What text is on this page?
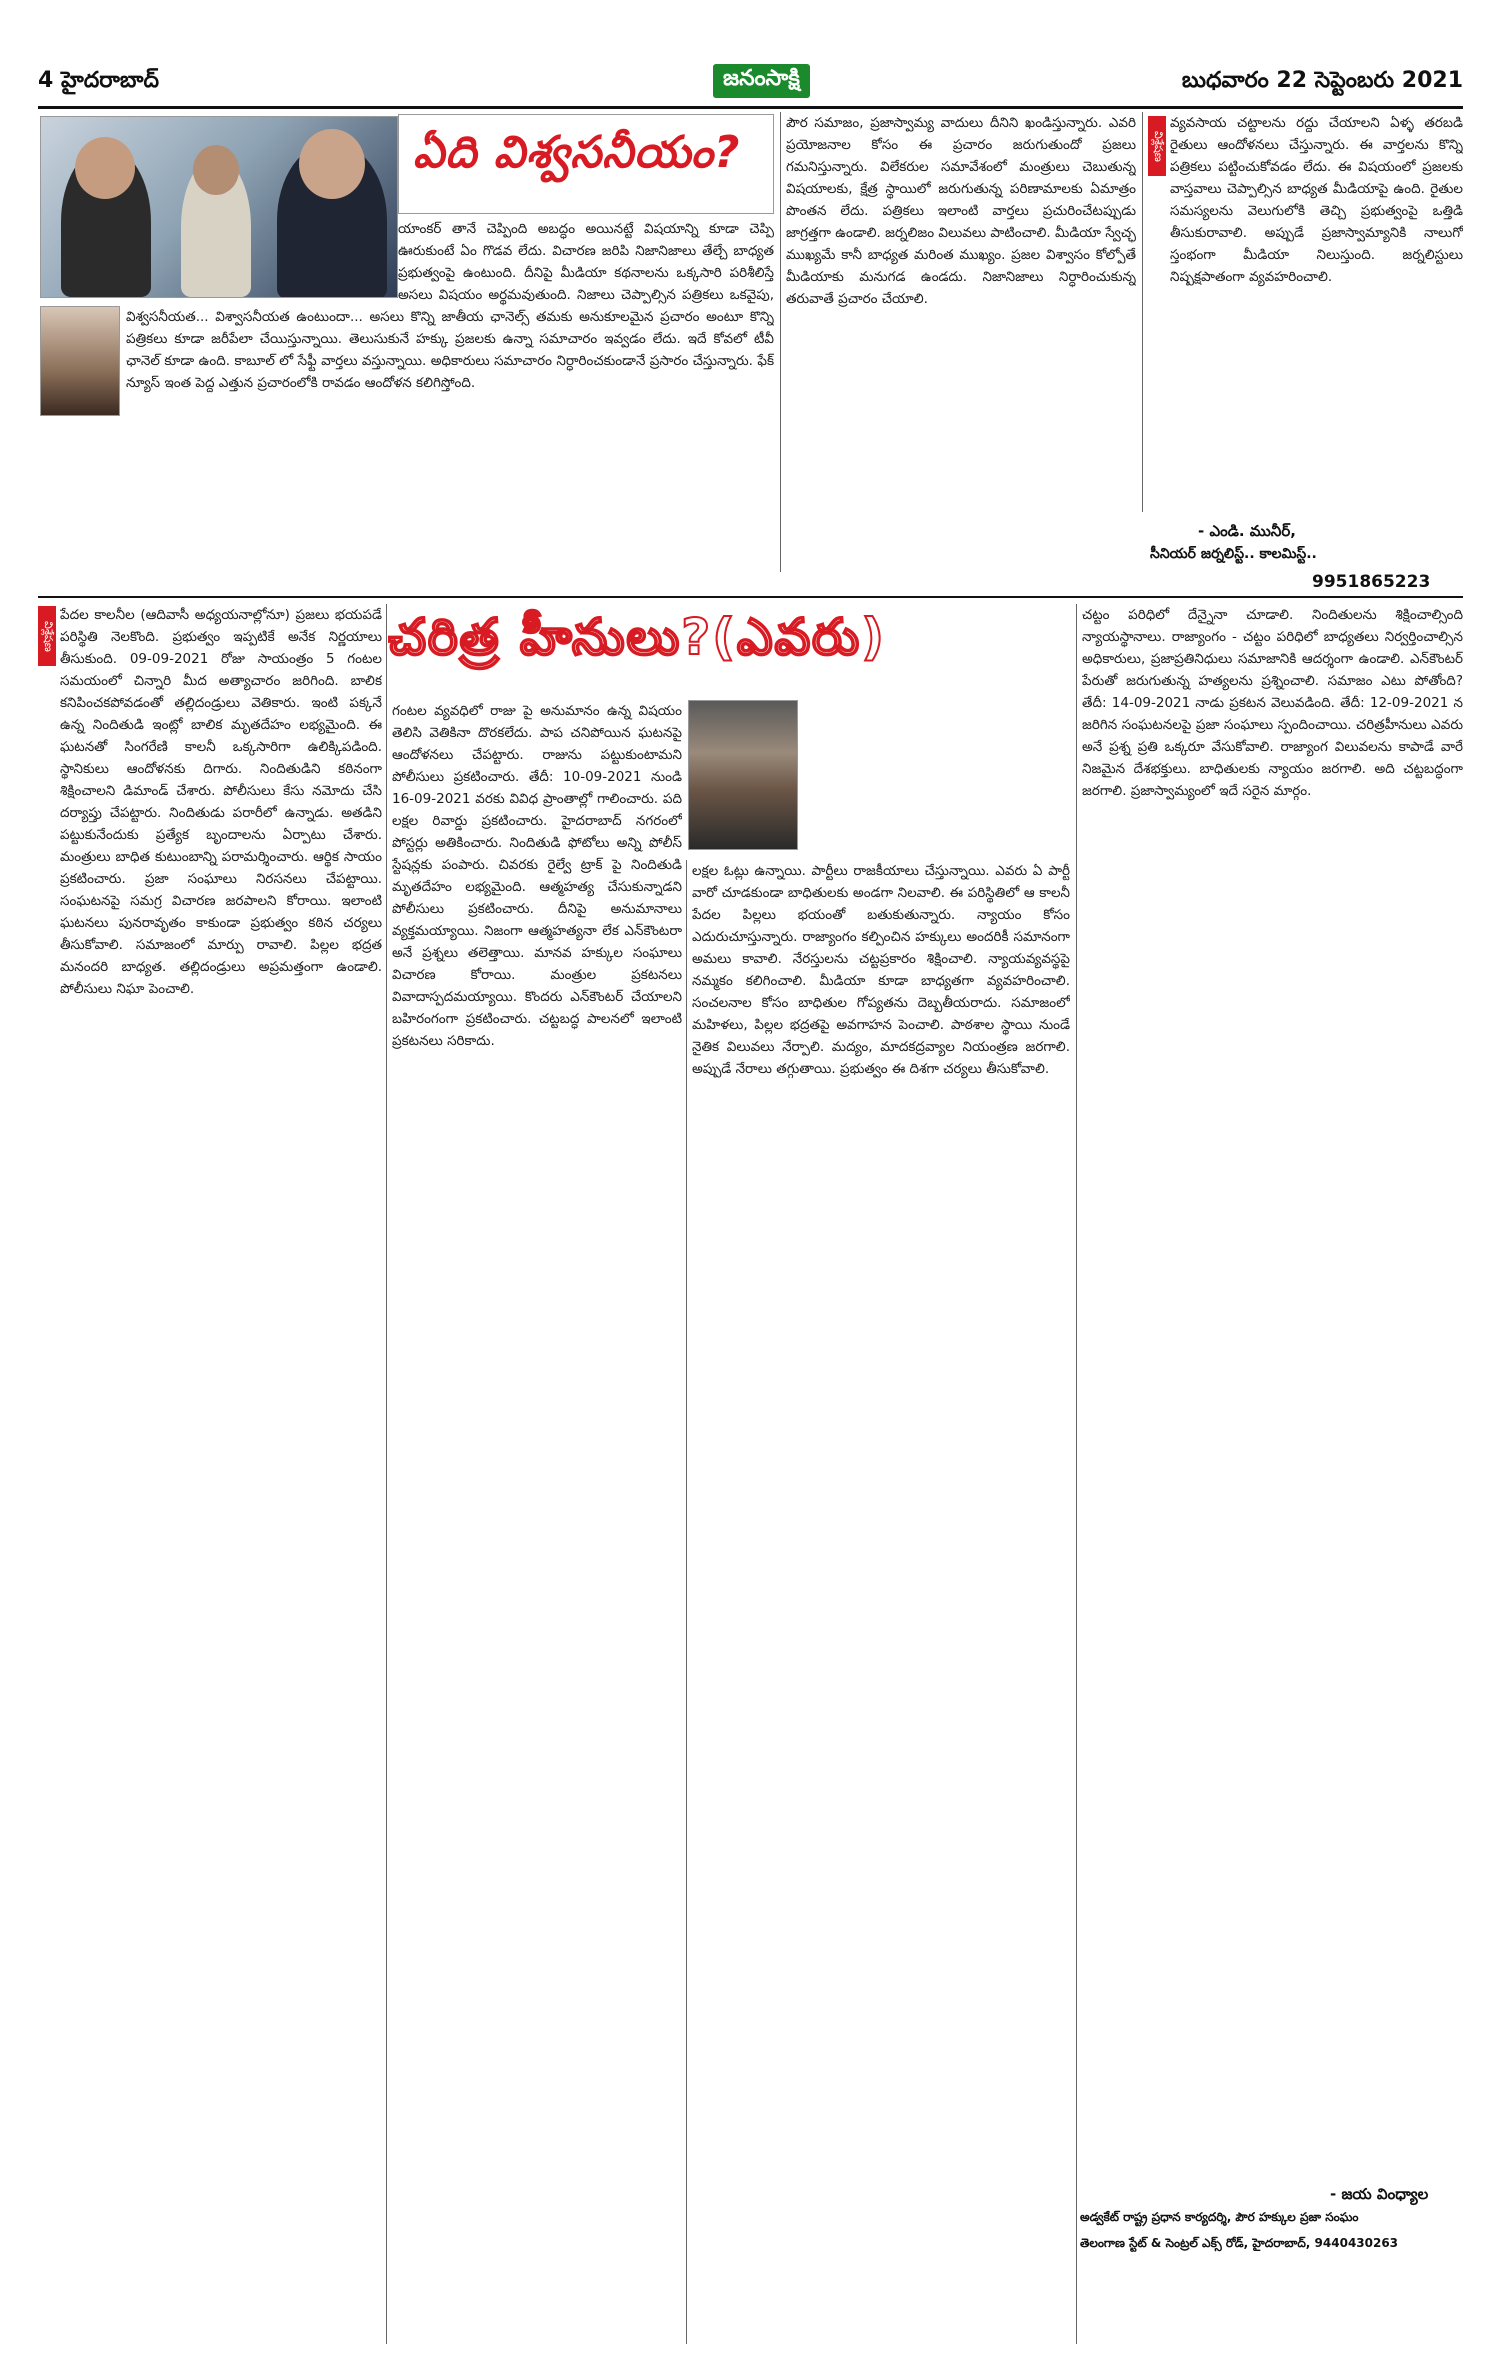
4 హైదరాబాద్	జనంసాక్షి	బుధవారం 22 సెప్టెంబరు 2021
ఏది విశ్వసనీయం?
యాంకర్ తానే చెప్పింది అబద్ధం అయినట్టే విషయాన్ని కూడా చెప్పి ఊరుకుంటే ఏం గొడవ లేదు. విచారణ జరిపి నిజానిజాలు తేల్చే బాధ్యత ప్రభుత్వంపై ఉంటుంది. దీనిపై మీడియా కథనాలను ఒక్కసారి పరిశీలిస్తే అసలు విషయం అర్థమవుతుంది. నిజాలు చెప్పాల్సిన పత్రికలు ఒకవైపు,
విశ్వసనీయత... విశ్వాసనీయత ఉంటుందా... అసలు కొన్ని జాతీయ ఛానెల్స్ తమకు అనుకూలమైన ప్రచారం అంటూ కొన్ని పత్రికలు కూడా జరీపేలా చేయిస్తున్నాయి. తెలుసుకునే హక్కు ప్రజలకు ఉన్నా సమాచారం ఇవ్వడం లేదు. ఇదే కోవలో టీవీ ఛానెల్ కూడా ఉంది. కాబూల్ లో సేఫ్టీ వార్తలు వస్తున్నాయి. అధికారులు సమాచారం నిర్ధారించకుండానే ప్రసారం చేస్తున్నారు. ఫేక్ న్యూస్ ఇంత పెద్ద ఎత్తున ప్రచారంలోకి రావడం ఆందోళన కలిగిస్తోంది.
పౌర సమాజం, ప్రజాస్వామ్య వాదులు దీనిని ఖండిస్తున్నారు. ఎవరి ప్రయోజనాల కోసం ఈ ప్రచారం జరుగుతుందో ప్రజలు గమనిస్తున్నారు. విలేకరుల సమావేశంలో మంత్రులు చెబుతున్న విషయాలకు, క్షేత్ర స్థాయిలో జరుగుతున్న పరిణామాలకు ఏమాత్రం పొంతన లేదు. పత్రికలు ఇలాంటి వార్తలు ప్రచురించేటప్పుడు జాగ్రత్తగా ఉండాలి. జర్నలిజం విలువలు పాటించాలి. మీడియా స్వేచ్ఛ ముఖ్యమే కానీ బాధ్యత మరింత ముఖ్యం. ప్రజల విశ్వాసం కోల్పోతే మీడియాకు మనుగడ ఉండదు. నిజానిజాలు నిర్ధారించుకున్న తరువాతే ప్రచారం చేయాలి.
విశ్లేషణ
వ్యవసాయ చట్టాలను రద్దు చేయాలని ఏళ్ళ తరబడి రైతులు ఆందోళనలు చేస్తున్నారు. ఈ వార్తలను కొన్ని పత్రికలు పట్టించుకోవడం లేదు. ఈ విషయంలో ప్రజలకు వాస్తవాలు చెప్పాల్సిన బాధ్యత మీడియాపై ఉంది. రైతుల సమస్యలను వెలుగులోకి తెచ్చి ప్రభుత్వంపై ఒత్తిడి తీసుకురావాలి. అప్పుడే ప్రజాస్వామ్యానికి నాలుగో స్తంభంగా మీడియా నిలుస్తుంది. జర్నలిస్టులు నిష్పక్షపాతంగా వ్యవహరించాలి.
- ఎండి. మునీర్,
సీనియర్ జర్నలిస్ట్.. కాలమిస్ట్..
9951865223
విశ్లేషణ
పేదల కాలనీల (ఆదివాసీ అధ్యయనాల్లోనూ) ప్రజలు భయపడే పరిస్థితి నెలకొంది. ప్రభుత్వం ఇప్పటికే అనేక నిర్ణయాలు తీసుకుంది. 09-09-2021 రోజు సాయంత్రం 5 గంటల సమయంలో చిన్నారి మీద అత్యాచారం జరిగింది. బాలిక కనిపించకపోవడంతో తల్లిదండ్రులు వెతికారు. ఇంటి పక్కనే ఉన్న నిందితుడి ఇంట్లో బాలిక మృతదేహం లభ్యమైంది. ఈ ఘటనతో సింగరేణి కాలనీ ఒక్కసారిగా ఉలిక్కిపడింది. స్థానికులు ఆందోళనకు దిగారు. నిందితుడిని కఠినంగా శిక్షించాలని డిమాండ్ చేశారు. పోలీసులు కేసు నమోదు చేసి దర్యాప్తు చేపట్టారు. నిందితుడు పరారీలో ఉన్నాడు. అతడిని పట్టుకునేందుకు ప్రత్యేక బృందాలను ఏర్పాటు చేశారు. మంత్రులు బాధిత కుటుంబాన్ని పరామర్శించారు. ఆర్థిక సాయం ప్రకటించారు. ప్రజా సంఘాలు నిరసనలు చేపట్టాయి. సంఘటనపై సమగ్ర విచారణ జరపాలని కోరాయి. ఇలాంటి ఘటనలు పునరావృతం కాకుండా ప్రభుత్వం కఠిన చర్యలు తీసుకోవాలి. సమాజంలో మార్పు రావాలి. పిల్లల భద్రత మనందరి బాధ్యత. తల్లిదండ్రులు అప్రమత్తంగా ఉండాలి. పోలీసులు నిఘా పెంచాలి.
చరిత్ర హీనులు?(ఎవరు)
గంటల వ్యవధిలో రాజు పై అనుమానం ఉన్న విషయం తెలిసి వెతికినా దొరకలేదు. పాప చనిపోయిన ఘటనపై ఆందోళనలు చేపట్టారు. రాజును పట్టుకుంటామని పోలీసులు ప్రకటించారు. తేదీ: 10-09-2021 నుండి 16-09-2021 వరకు వివిధ ప్రాంతాల్లో గాలించారు. పది లక్షల రివార్డు ప్రకటించారు. హైదరాబాద్ నగరంలో పోస్టర్లు అతికించారు. నిందితుడి ఫోటోలు అన్ని పోలీస్ స్టేషన్లకు పంపారు. చివరకు రైల్వే ట్రాక్ పై నిందితుడి మృతదేహం లభ్యమైంది. ఆత్మహత్య చేసుకున్నాడని పోలీసులు ప్రకటించారు. దీనిపై అనుమానాలు వ్యక్తమయ్యాయి. నిజంగా ఆత్మహత్యనా లేక ఎన్‌కౌంటరా అనే ప్రశ్నలు తలెత్తాయి. మానవ హక్కుల సంఘాలు విచారణ కోరాయి. మంత్రుల ప్రకటనలు వివాదాస్పదమయ్యాయి. కొందరు ఎన్‌కౌంటర్ చేయాలని బహిరంగంగా ప్రకటించారు. చట్టబద్ధ పాలనలో ఇలాంటి ప్రకటనలు సరికాదు.
లక్షల ఓట్లు ఉన్నాయి. పార్టీలు రాజకీయాలు చేస్తున్నాయి. ఎవరు ఏ పార్టీ వారో చూడకుండా బాధితులకు అండగా నిలవాలి. ఈ పరిస్థితిలో ఆ కాలనీ పేదల పిల్లలు భయంతో బతుకుతున్నారు. న్యాయం కోసం ఎదురుచూస్తున్నారు. రాజ్యాంగం కల్పించిన హక్కులు అందరికీ సమానంగా అమలు కావాలి. నేరస్తులను చట్టప్రకారం శిక్షించాలి. న్యాయవ్యవస్థపై నమ్మకం కలిగించాలి. మీడియా కూడా బాధ్యతగా వ్యవహరించాలి. సంచలనాల కోసం బాధితుల గోప్యతను దెబ్బతీయరాదు. సమాజంలో మహిళలు, పిల్లల భద్రతపై అవగాహన పెంచాలి. పాఠశాల స్థాయి నుండే నైతిక విలువలు నేర్పాలి. మద్యం, మాదకద్రవ్యాల నియంత్రణ జరగాలి. అప్పుడే నేరాలు తగ్గుతాయి. ప్రభుత్వం ఈ దిశగా చర్యలు తీసుకోవాలి.
చట్టం పరిధిలో దేన్నైనా చూడాలి. నిందితులను శిక్షించాల్సింది న్యాయస్థానాలు. రాజ్యాంగం - చట్టం పరిధిలో బాధ్యతలు నిర్వర్తించాల్సిన అధికారులు, ప్రజాప్రతినిధులు సమాజానికి ఆదర్శంగా ఉండాలి. ఎన్‌కౌంటర్ పేరుతో జరుగుతున్న హత్యలను ప్రశ్నించాలి. సమాజం ఎటు పోతోంది? తేదీ: 14-09-2021 నాడు ప్రకటన వెలువడింది. తేదీ: 12-09-2021 న జరిగిన సంఘటనలపై ప్రజా సంఘాలు స్పందించాయి. చరిత్రహీనులు ఎవరు అనే ప్రశ్న ప్రతి ఒక్కరూ వేసుకోవాలి. రాజ్యాంగ విలువలను కాపాడే వారే నిజమైన దేశభక్తులు. బాధితులకు న్యాయం జరగాలి. అది చట్టబద్ధంగా జరగాలి. ప్రజాస్వామ్యంలో ఇదే సరైన మార్గం.
- జయ వింధ్యాల
అడ్వకేట్ రాష్ట్ర ప్రధాన కార్యదర్శి, పౌర హక్కుల ప్రజా సంఘం
తెలంగాణ స్టేట్ & సెంట్రల్ ఎక్స్ రోడ్, హైదరాబాద్, 9440430263
